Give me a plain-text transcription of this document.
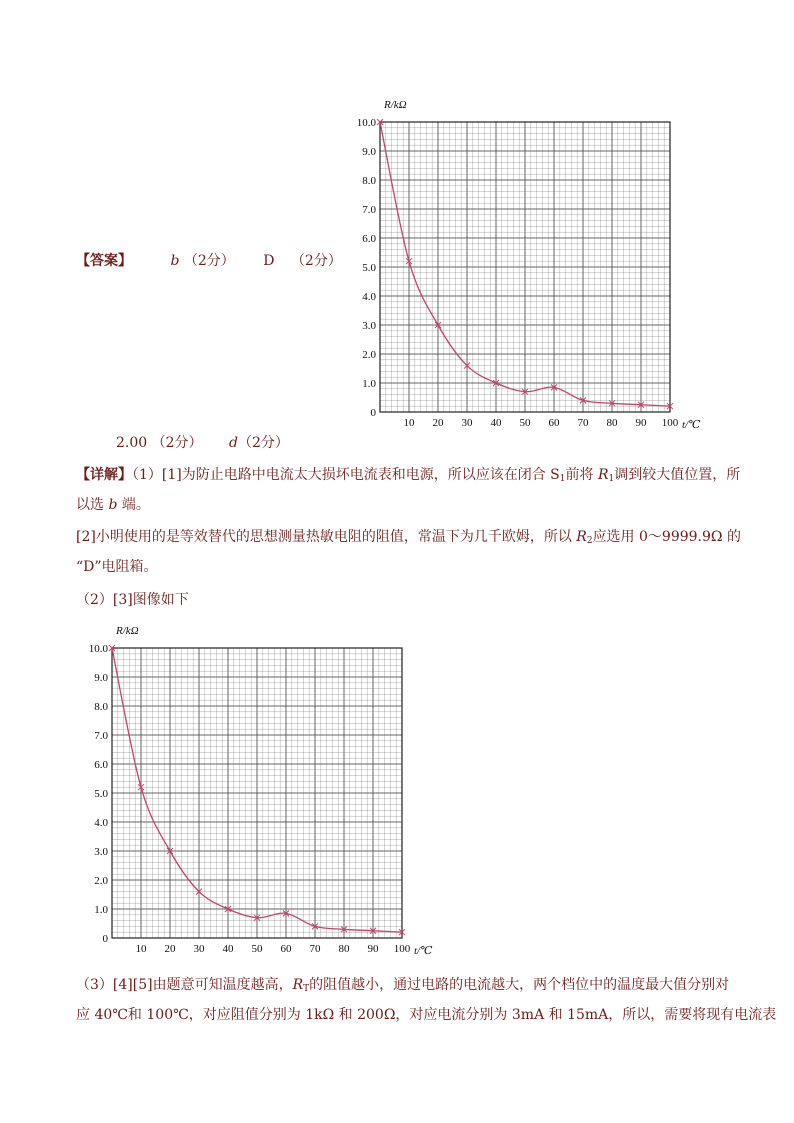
【答案】	b （2分） D （2分）
0
1.0
2.0
3.0
4.0
5.0
6.0
7.0
8.0
9.0
10.0
10 20 30 40 50 60 70 80 90 100
R/kΩ
t/℃
2.00 （2分） d（2分）
【详解】（1）[1]为防止电路中电流太大损坏电流表和电源，所以应该在闭合 $S_1$前将 $R_1$调到较大值位置，所
以选 b 端。
[2]小明使用的是等效替代的思想测量热敏电阻的阻值，常温下为几千欧姆，所以 $R_2$应选用 0～9999.9Ω 的
“D”电阻箱。
（2）[3]图像如下
0
1.0
2.0
3.0
4.0
5.0
6.0
7.0
8.0
9.0
10.0
10 20 30 40 50 60 70 80 90 100
R/kΩ
t/℃
（3）[4][5]由题意可知温度越高，$R_T$的阻值越小，通过电路的电流越大，两个档位中的温度最大值分别对
应 40℃和 100℃，对应阻值分别为 1kΩ 和 200Ω，对应电流分别为 3mA 和 15mA，所以，需要将现有电流表
